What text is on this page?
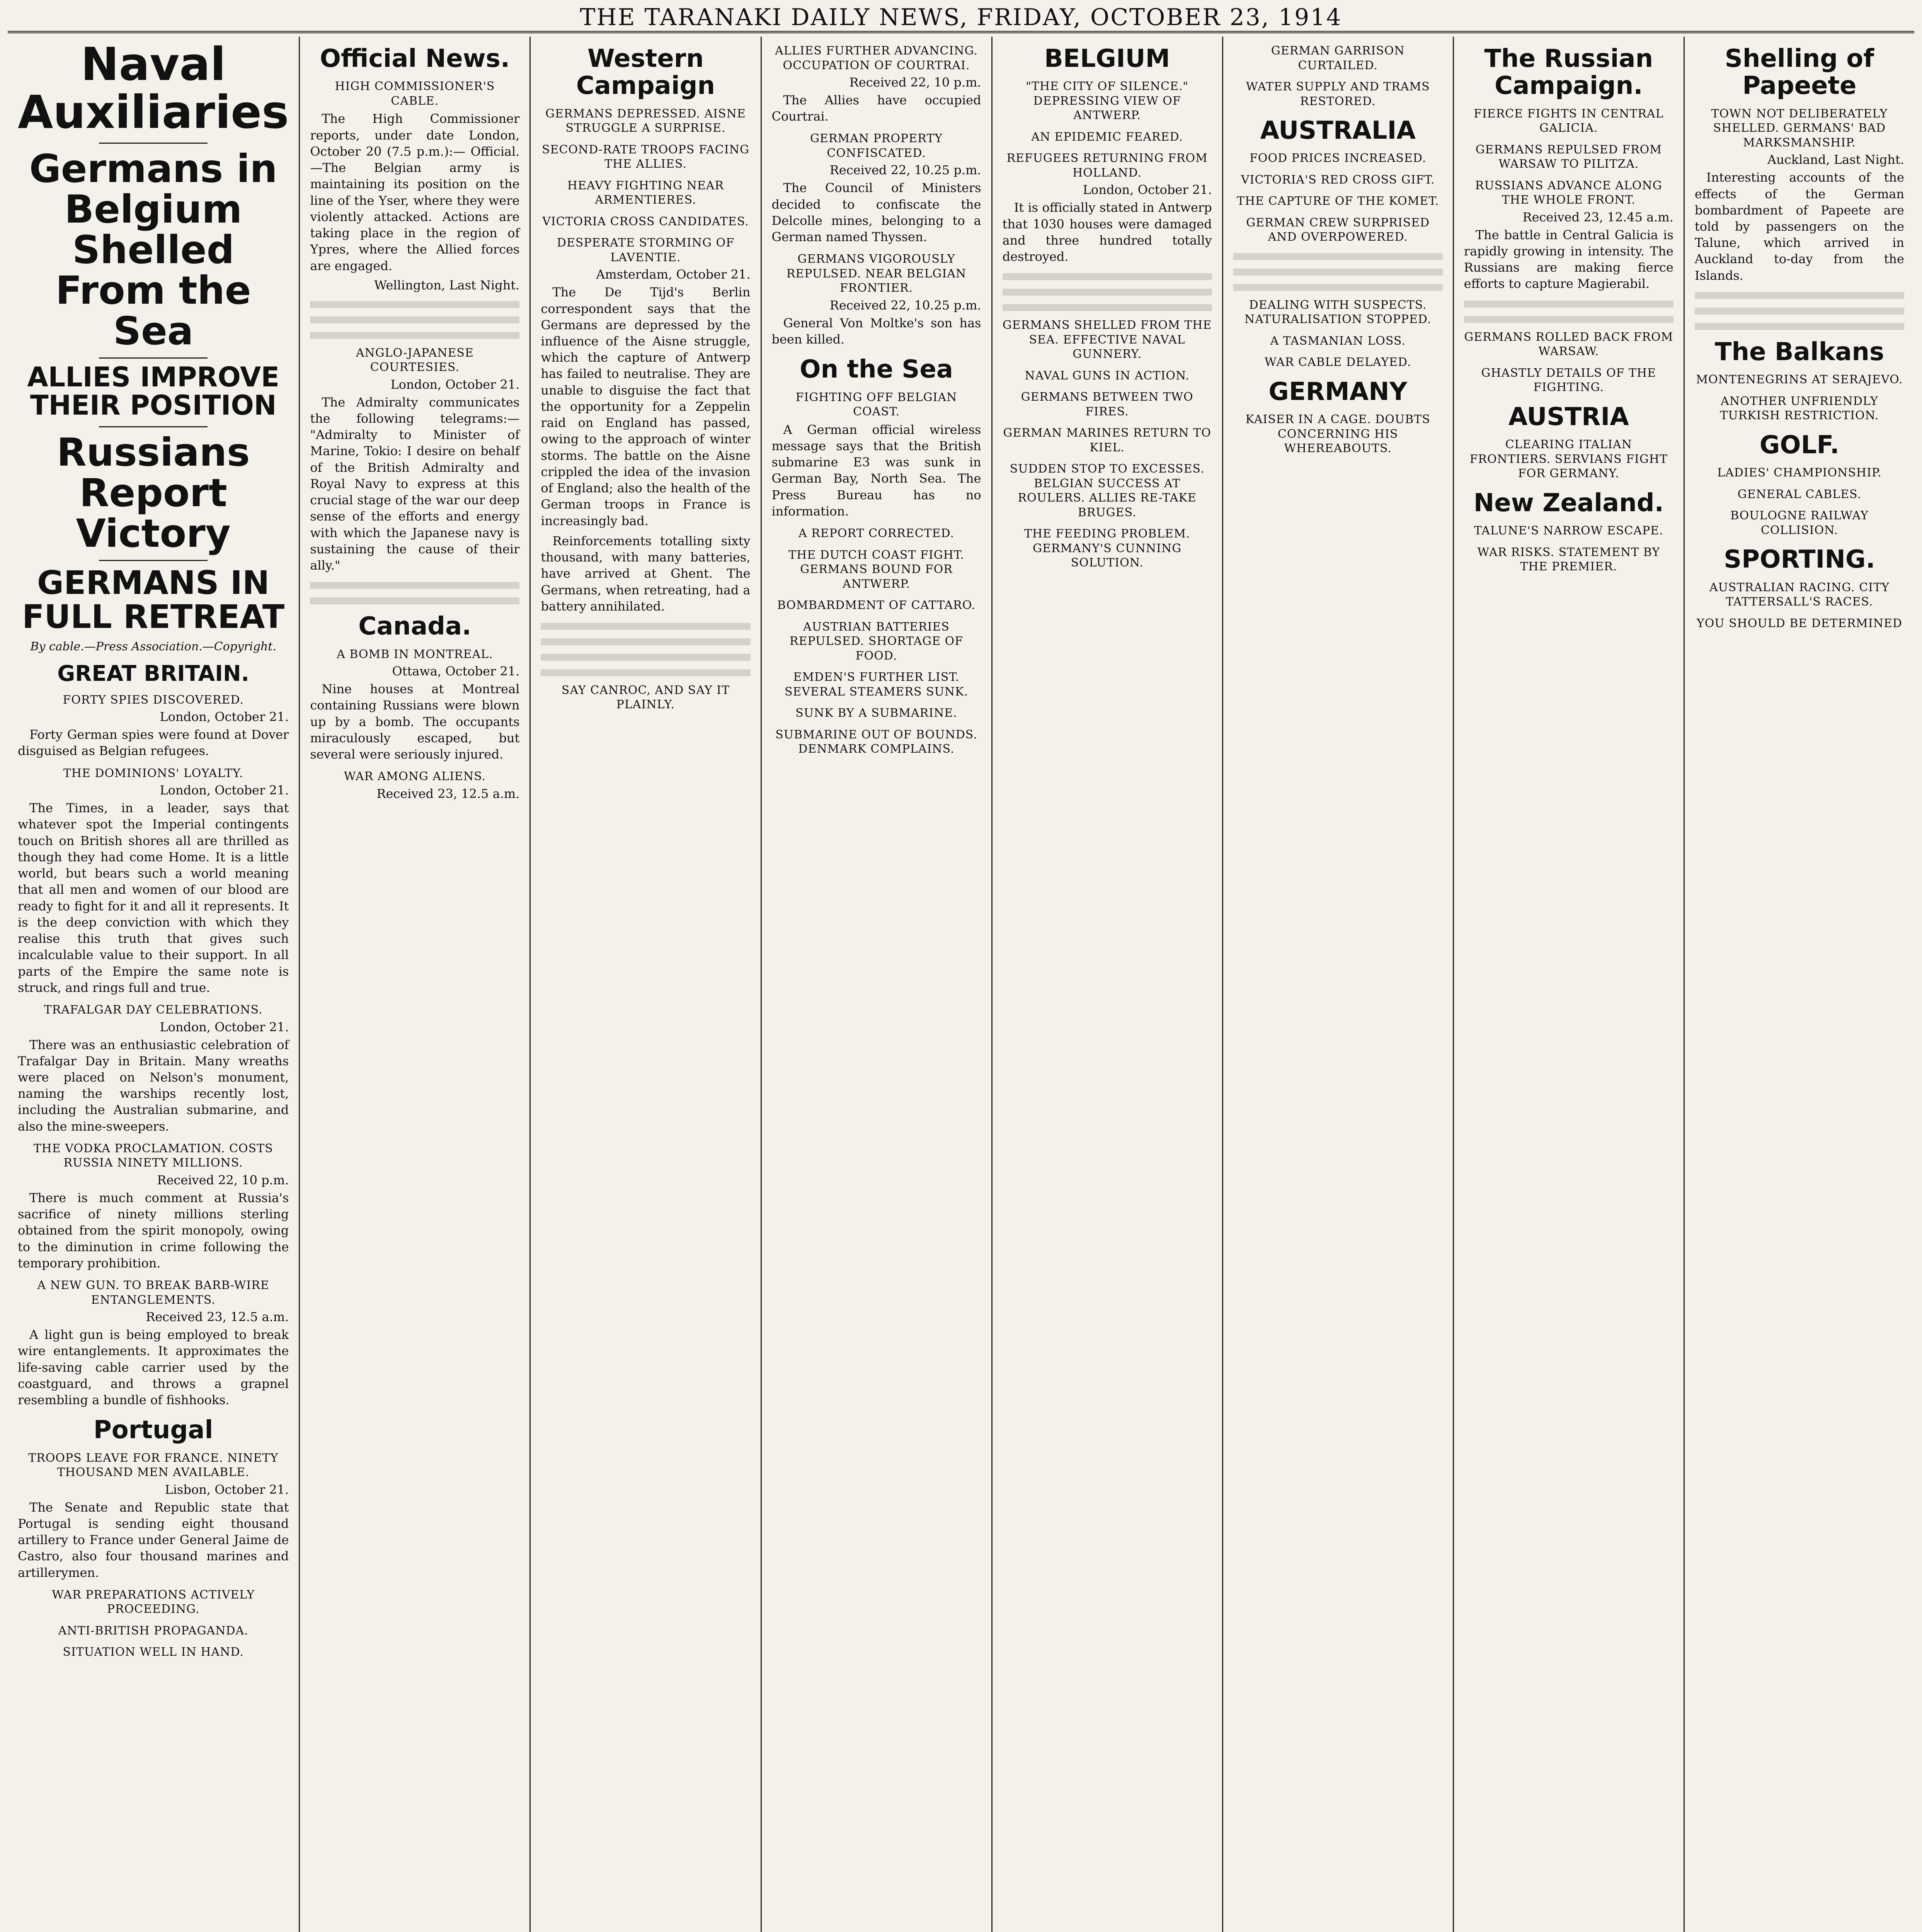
THE TARANAKI DAILY NEWS, FRIDAY, OCTOBER 23, 1914
Naval Auxiliaries
Germans in Belgium Shelled From the Sea
ALLIES IMPROVE THEIR POSITION
Russians Report Victory
GERMANS IN FULL RETREAT
By cable.—Press Association.—Copyright.
GREAT BRITAIN.
FORTY SPIES DISCOVERED.
London, October 21.

Forty German spies were found at Dover disguised as Belgian refugees.

THE DOMINIONS' LOYALTY.
London, October 21.

The Times, in a leader, says that whatever spot the Imperial contingents touch on British shores all are thrilled as though they had come Home. It is a little world, but bears such a world meaning that all men and women of our blood are ready to fight for it and all it represents. It is the deep conviction with which they realise this truth that gives such incalculable value to their support. In all parts of the Empire the same note is struck, and rings full and true.

TRAFALGAR DAY CELEBRATIONS.
London, October 21.

There was an enthusiastic celebration of Trafalgar Day in Britain. Many wreaths were placed on Nelson's monument, naming the warships recently lost, including the Australian submarine, and also the mine-sweepers.

THE VODKA PROCLAMATION. COSTS RUSSIA NINETY MILLIONS.
Received 22, 10 p.m.

There is much comment at Russia's sacrifice of ninety millions sterling obtained from the spirit monopoly, owing to the diminution in crime following the temporary prohibition.

A NEW GUN. TO BREAK BARB-WIRE ENTANGLEMENTS.
Received 23, 12.5 a.m.

A light gun is being employed to break wire entanglements. It approximates the life-saving cable carrier used by the coastguard, and throws a grapnel resembling a bundle of fishhooks.

Portugal
TROOPS LEAVE FOR FRANCE. NINETY THOUSAND MEN AVAILABLE.
Lisbon, October 21.

The Senate and Republic state that Portugal is sending eight thousand artillery to France under General Jaime de Castro, also four thousand marines and artillerymen.

WAR PREPARATIONS ACTIVELY PROCEEDING.
ANTI-BRITISH PROPAGANDA.
SITUATION WELL IN HAND.
Official News.
HIGH COMMISSIONER'S CABLE.

The High Commissioner reports, under date London, October 20 (7.5 p.m.):— Official.—The Belgian army is maintaining its position on the line of the Yser, where they were violently attacked. Actions are taking place in the region of Ypres, where the Allied forces are engaged.

Wellington, Last Night.
ANGLO-JAPANESE COURTESIES.
London, October 21.

The Admiralty communicates the following telegrams:— "Admiralty to Minister of Marine, Tokio: I desire on behalf of the British Admiralty and Royal Navy to express at this crucial stage of the war our deep sense of the efforts and energy with which the Japanese navy is sustaining the cause of their ally."

Canada.
A BOMB IN MONTREAL.
Ottawa, October 21.

Nine houses at Montreal containing Russians were blown up by a bomb. The occupants miraculously escaped, but several were seriously injured.

WAR AMONG ALIENS.
Received 23, 12.5 a.m.
Western Campaign
GERMANS DEPRESSED. AISNE STRUGGLE A SURPRISE.
SECOND-RATE TROOPS FACING THE ALLIES.
HEAVY FIGHTING NEAR ARMENTIERES.
VICTORIA CROSS CANDIDATES.
DESPERATE STORMING OF LAVENTIE.
Amsterdam, October 21.

The De Tijd's Berlin correspondent says that the Germans are depressed by the influence of the Aisne struggle, which the capture of Antwerp has failed to neutralise. They are unable to disguise the fact that the opportunity for a Zeppelin raid on England has passed, owing to the approach of winter storms. The battle on the Aisne crippled the idea of the invasion of England; also the health of the German troops in France is increasingly bad.

Reinforcements totalling sixty thousand, with many batteries, have arrived at Ghent. The Germans, when retreating, had a battery annihilated.

SAY CANROC, AND SAY IT PLAINLY.
ALLIES FURTHER ADVANCING. OCCUPATION OF COURTRAI.
Received 22, 10 p.m.

The Allies have occupied Courtrai.

GERMAN PROPERTY CONFISCATED.
Received 22, 10.25 p.m.

The Council of Ministers decided to confiscate the Delcolle mines, belonging to a German named Thyssen.

GERMANS VIGOROUSLY REPULSED. NEAR BELGIAN FRONTIER.
Received 22, 10.25 p.m.

General Von Moltke's son has been killed.

On the Sea
FIGHTING OFF BELGIAN COAST.

A German official wireless message says that the British submarine E3 was sunk in German Bay, North Sea. The Press Bureau has no information.

A REPORT CORRECTED.
THE DUTCH COAST FIGHT. GERMANS BOUND FOR ANTWERP.
BOMBARDMENT OF CATTARO.
AUSTRIAN BATTERIES REPULSED. SHORTAGE OF FOOD.
EMDEN'S FURTHER LIST. SEVERAL STEAMERS SUNK.
SUNK BY A SUBMARINE.
SUBMARINE OUT OF BOUNDS. DENMARK COMPLAINS.
BELGIUM
"THE CITY OF SILENCE." DEPRESSING VIEW OF ANTWERP.
AN EPIDEMIC FEARED.
REFUGEES RETURNING FROM HOLLAND.
London, October 21.

It is officially stated in Antwerp that 1030 houses were damaged and three hundred totally destroyed.

GERMANS SHELLED FROM THE SEA. EFFECTIVE NAVAL GUNNERY.
NAVAL GUNS IN ACTION.
GERMANS BETWEEN TWO FIRES.
GERMAN MARINES RETURN TO KIEL.
SUDDEN STOP TO EXCESSES. BELGIAN SUCCESS AT ROULERS. ALLIES RE-TAKE BRUGES.
THE FEEDING PROBLEM. GERMANY'S CUNNING SOLUTION.
GERMAN GARRISON CURTAILED.
WATER SUPPLY AND TRAMS RESTORED.
AUSTRALIA
FOOD PRICES INCREASED.
VICTORIA'S RED CROSS GIFT.
THE CAPTURE OF THE KOMET.
GERMAN CREW SURPRISED AND OVERPOWERED.
DEALING WITH SUSPECTS. NATURALISATION STOPPED.
A TASMANIAN LOSS.
WAR CABLE DELAYED.
GERMANY
KAISER IN A CAGE. DOUBTS CONCERNING HIS WHEREABOUTS.
The Russian Campaign.
FIERCE FIGHTS IN CENTRAL GALICIA.
GERMANS REPULSED FROM WARSAW TO PILITZA.
RUSSIANS ADVANCE ALONG THE WHOLE FRONT.
Received 23, 12.45 a.m.

The battle in Central Galicia is rapidly growing in intensity. The Russians are making fierce efforts to capture Magierabil.

GERMANS ROLLED BACK FROM WARSAW.
GHASTLY DETAILS OF THE FIGHTING.
AUSTRIA
CLEARING ITALIAN FRONTIERS. SERVIANS FIGHT FOR GERMANY.
New Zealand.
TALUNE'S NARROW ESCAPE.
WAR RISKS. STATEMENT BY THE PREMIER.
Shelling of Papeete
TOWN NOT DELIBERATELY SHELLED. GERMANS' BAD MARKSMANSHIP.
Auckland, Last Night.

Interesting accounts of the effects of the German bombardment of Papeete are told by passengers on the Talune, which arrived in Auckland to-day from the Islands.

The Balkans
MONTENEGRINS AT SERAJEVO.
ANOTHER UNFRIENDLY TURKISH RESTRICTION.
GOLF.
LADIES' CHAMPIONSHIP.
GENERAL CABLES.
BOULOGNE RAILWAY COLLISION.
SPORTING.
AUSTRALIAN RACING. CITY TATTERSALL'S RACES.
YOU SHOULD BE DETERMINED
